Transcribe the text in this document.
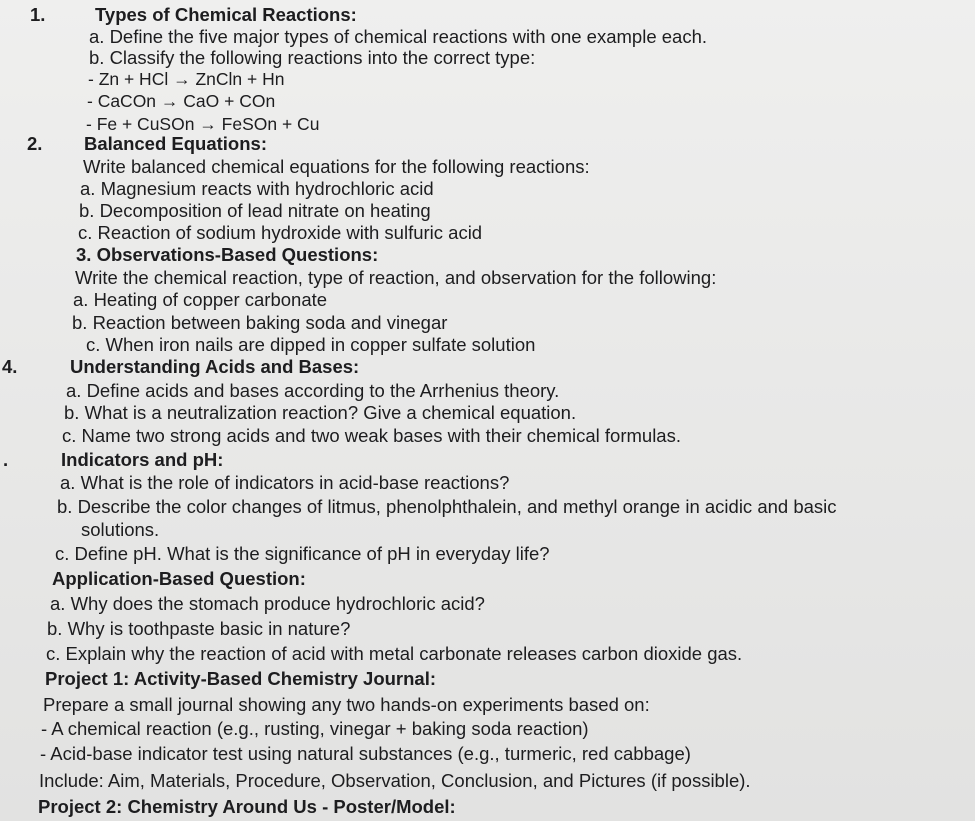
1.	Types of Chemical Reactions:
a. Define the five major types of chemical reactions with one example each.
b. Classify the following reactions into the correct type:
- Zn + HCl → ZnCln + Hn
- CaCOn → CaO + COn
- Fe + CuSOn → FeSOn + Cu
2. Balanced Equations:
Write balanced chemical equations for the following reactions:
a. Magnesium reacts with hydrochloric acid
b. Decomposition of lead nitrate on heating
c. Reaction of sodium hydroxide with sulfuric acid
3. Observations-Based Questions:
Write the chemical reaction, type of reaction, and observation for the following:
a. Heating of copper carbonate
b. Reaction between baking soda and vinegar
c. When iron nails are dipped in copper sulfate solution
4.	Understanding Acids and Bases:
a. Define acids and bases according to the Arrhenius theory.
b. What is a neutralization reaction? Give a chemical equation.
c. Name two strong acids and two weak bases with their chemical formulas.
.	Indicators and pH:
a. What is the role of indicators in acid-base reactions?
b. Describe the color changes of litmus, phenolphthalein, and methyl orange in acidic and basic
solutions.
c. Define pH. What is the significance of pH in everyday life?
Application-Based Question:
a. Why does the stomach produce hydrochloric acid?
b. Why is toothpaste basic in nature?
c. Explain why the reaction of acid with metal carbonate releases carbon dioxide gas.
Project 1: Activity-Based Chemistry Journal:
Prepare a small journal showing any two hands-on experiments based on:
- A chemical reaction (e.g., rusting, vinegar + baking soda reaction)
- Acid-base indicator test using natural substances (e.g., turmeric, red cabbage)
Include: Aim, Materials, Procedure, Observation, Conclusion, and Pictures (if possible).
Project 2: Chemistry Around Us - Poster/Model:
